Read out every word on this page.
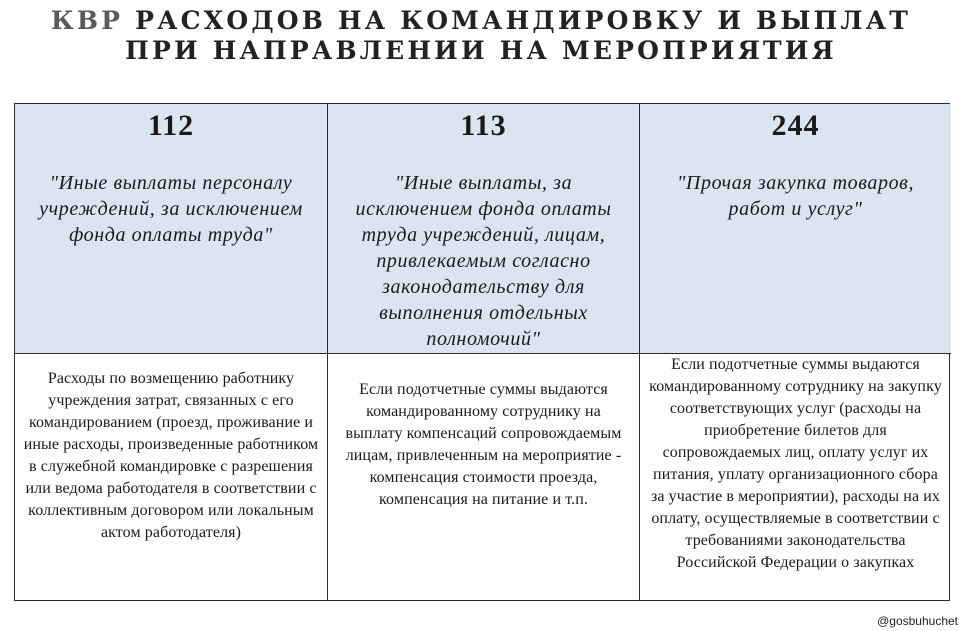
КВР РАСХОДОВ НА КОМАНДИРОВКУ И ВЫПЛАТ
ПРИ НАПРАВЛЕНИИ НА МЕРОПРИЯТИЯ
112
"Иные выплаты персоналу учреждений, за исключением фонда оплаты труда"
Расходы по возмещению работнику учреждения затрат, связанных с его командированием (проезд, проживание и иные расходы, произведенные работником в служебной командировке с разрешения или ведома работодателя в соответствии с коллективным договором или локальным актом работодателя)
113
"Иные выплаты, за исключением фонда оплаты труда учреждений, лицам, привлекаемым согласно законодательству для выполнения отдельных полномочий"
Если подотчетные суммы выдаются командированному сотруднику на выплату компенсаций сопровождаемым лицам, привлеченным на мероприятие - компенсация стоимости проезда, компенсация на питание и т.п.
244
"Прочая закупка товаров, работ и услуг"
Если подотчетные суммы выдаются командированному сотруднику на закупку соответствующих услуг (расходы на приобретение билетов для сопровождаемых лиц, оплату услуг их питания, уплату организационного сбора за участие в мероприятии), расходы на их оплату, осуществляемые в соответствии с требованиями законодательства Российской Федерации о закупках
@gosbuhuchet
